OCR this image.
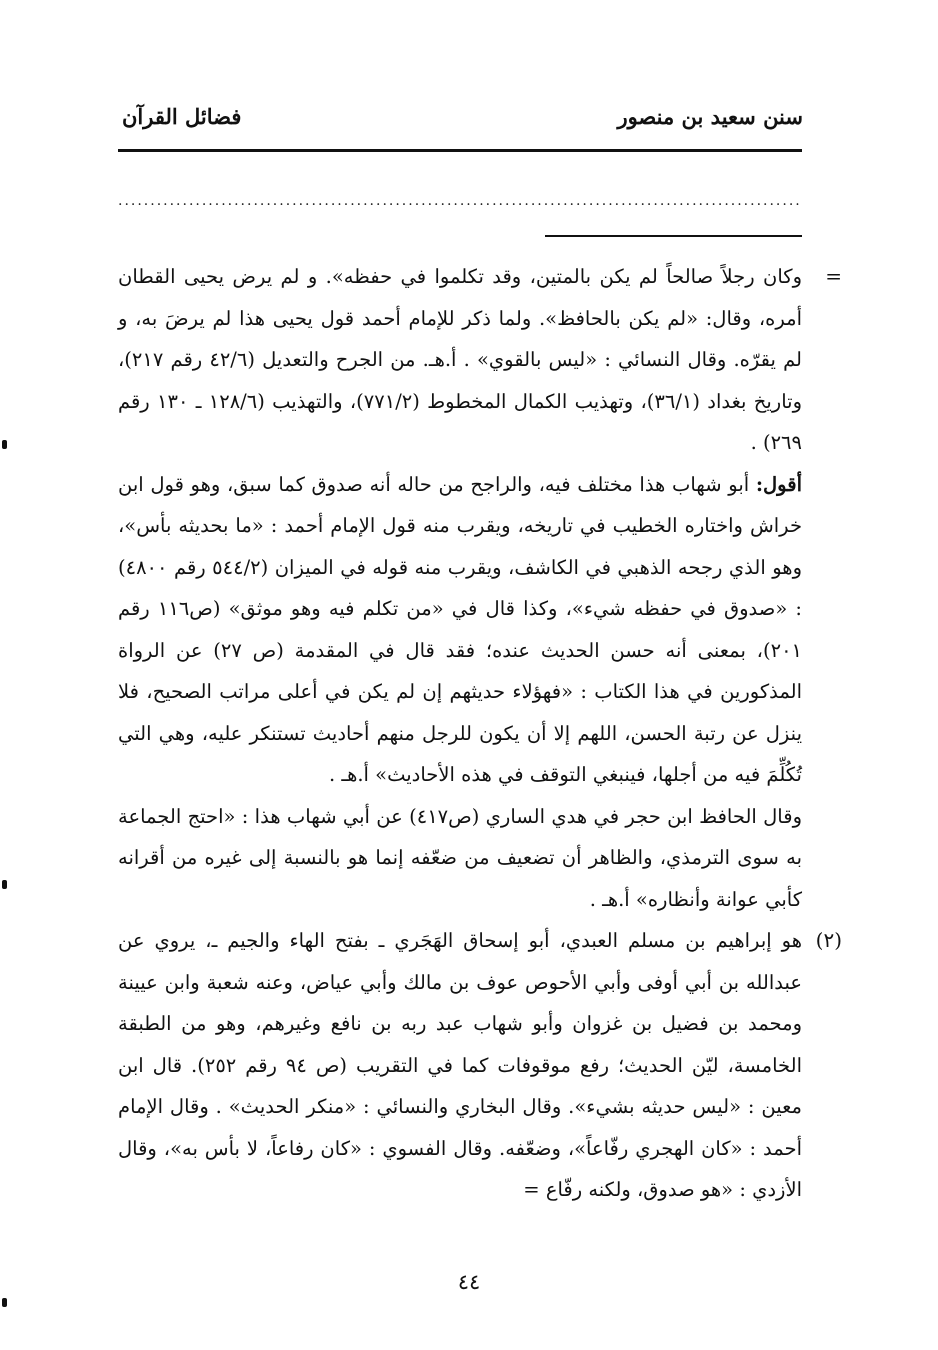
سنن سعيد بن منصور
فضائل القرآن
..........................................................................................................
=

وكان رجلاً صالحاً لم يكن بالمتين، وقد تكلموا في حفظه». و لم يرض يحيى القطان أمره، وقال: «لم يكن بالحافظ». ولما ذكر للإمام أحمد قول يحيى هذا لم يرضَ به، و لم يقرّه. وقال النسائي : «ليس بالقوي» . أ.هـ. من الجرح والتعديل (٤٢/٦ رقم ٢١٧)، وتاريخ بغداد (٣٦/١)، وتهذيب الكمال المخطوط (٧٧١/٢)، والتهذيب (١٢٨/٦ ـ ١٣٠ رقم ٢٦٩) .

أقول: أبو شهاب هذا مختلف فيه، والراجح من حاله أنه صدوق كما سبق، وهو قول ابن خراش واختاره الخطيب في تاريخه، ويقرب منه قول الإمام أحمد : «ما بحديثه بأس»، وهو الذي رجحه الذهبي في الكاشف، ويقرب منه قوله في الميزان (٥٤٤/٢ رقم ٤٨٠٠) : «صدوق في حفظه شيء»، وكذا قال في «من تكلم فيه وهو موثق» (ص١١٦ رقم ٢٠١)، بمعنى أنه حسن الحديث عنده؛ فقد قال في المقدمة (ص ٢٧) عن الرواة المذكورين في هذا الكتاب : «فهؤلاء حديثهم إن لم يكن في أعلى مراتب الصحيح، فلا ينزل عن رتبة الحسن، اللهم إلا أن يكون للرجل منهم أحاديث تستنكر عليه، وهي التي تُكُلِّمَ فيه من أجلها، فينبغي التوقف في هذه الأحاديث» أ.هـ .

وقال الحافظ ابن حجر في هدي الساري (ص٤١٧) عن أبي شهاب هذا : «احتج الجماعة به سوى الترمذي، والظاهر أن تضعيف من ضعّفه إنما هو بالنسبة إلى غيره من أقرانه كأبي عوانة وأنظاره» أ.هـ .

(٢)

هو إبراهيم بن مسلم العبدي، أبو إسحاق الهَجَري ـ بفتح الهاء والجيم ـ، يروي عن عبدالله بن أبي أوفى وأبي الأحوص عوف بن مالك وأبي عياض، وعنه شعبة وابن عيينة ومحمد بن فضيل بن غزوان وأبو شهاب عبد ربه بن نافع وغيرهم، وهو من الطبقة الخامسة، ليّن الحديث؛ رفع موقوفات كما في التقريب (ص ٩٤ رقم ٢٥٢). قال ابن معين : «ليس حديثه بشيء». وقال البخاري والنسائي : «منكر الحديث» . وقال الإمام أحمد : «كان الهجري رفّاعاً»، وضعّفه. وقال الفسوي : «كان رفاعاً، لا بأس به»، وقال الأزدي : «هو صدوق، ولكنه رفّاع =

٤٤
